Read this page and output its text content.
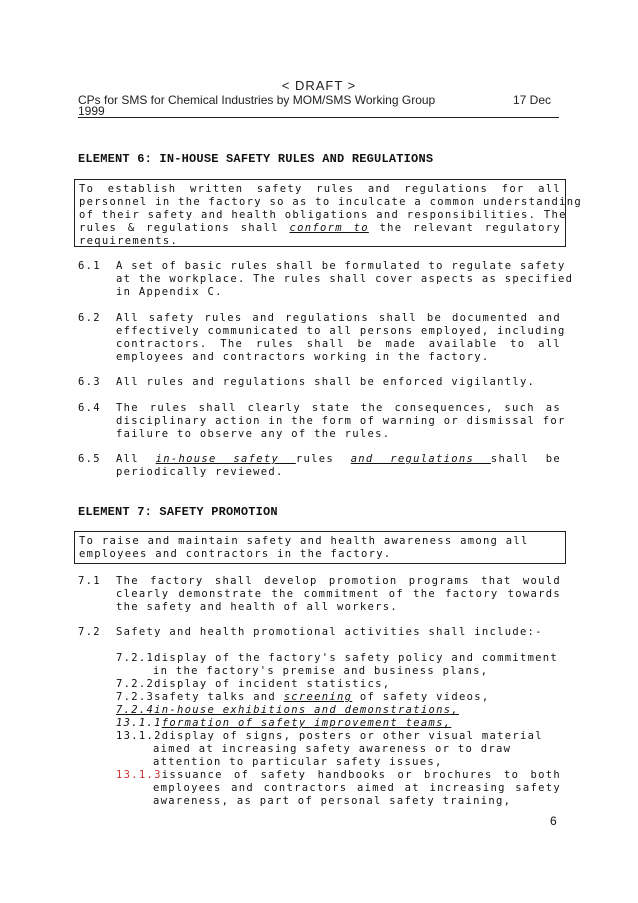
< DRAFT >
CPs for SMS for Chemical Industries by MOM/SMS Working Group	17 Dec
1999
ELEMENT 6: IN-HOUSE SAFETY RULES AND REGULATIONS
To establish written safety rules and regulations for all
personnel in the factory so as to inculcate a common understanding
of their safety and health obligations and responsibilities. The
rules & regulations shall conform to the relevant regulatory
requirements.
6.1 A set of basic rules shall be formulated to regulate safety
at the workplace. The rules shall cover aspects as specified
in Appendix C.
6.2 All safety rules and regulations shall be documented and
effectively communicated to all persons employed, including
contractors. The rules shall be made available to all
employees and contractors working in the factory.
6.3 All rules and regulations shall be enforced vigilantly.
6.4 The rules shall clearly state the consequences, such as
disciplinary action in the form of warning or dismissal for
failure to observe any of the rules.
6.5 All in-house safety rules and regulations shall be
periodically reviewed.
ELEMENT 7: SAFETY PROMOTION
To raise and maintain safety and health awareness among all
employees and contractors in the factory.
7.1 The factory shall develop promotion programs that would
clearly demonstrate the commitment of the factory towards
the safety and health of all workers.
7.2 Safety and health promotional activities shall include:-
7.2.1display of the factory's safety policy and commitment
in the factory's premise and business plans,
7.2.2display of incident statistics,
7.2.3safety talks and screening of safety videos,
7.2.4in-house exhibitions and demonstrations,
13.1.1formation of safety improvement teams,
13.1.2display of signs, posters or other visual material
aimed at increasing safety awareness or to draw
attention to particular safety issues,
13.1.3issuance of safety handbooks or brochures to both
employees and contractors aimed at increasing safety
awareness, as part of personal safety training,
6
